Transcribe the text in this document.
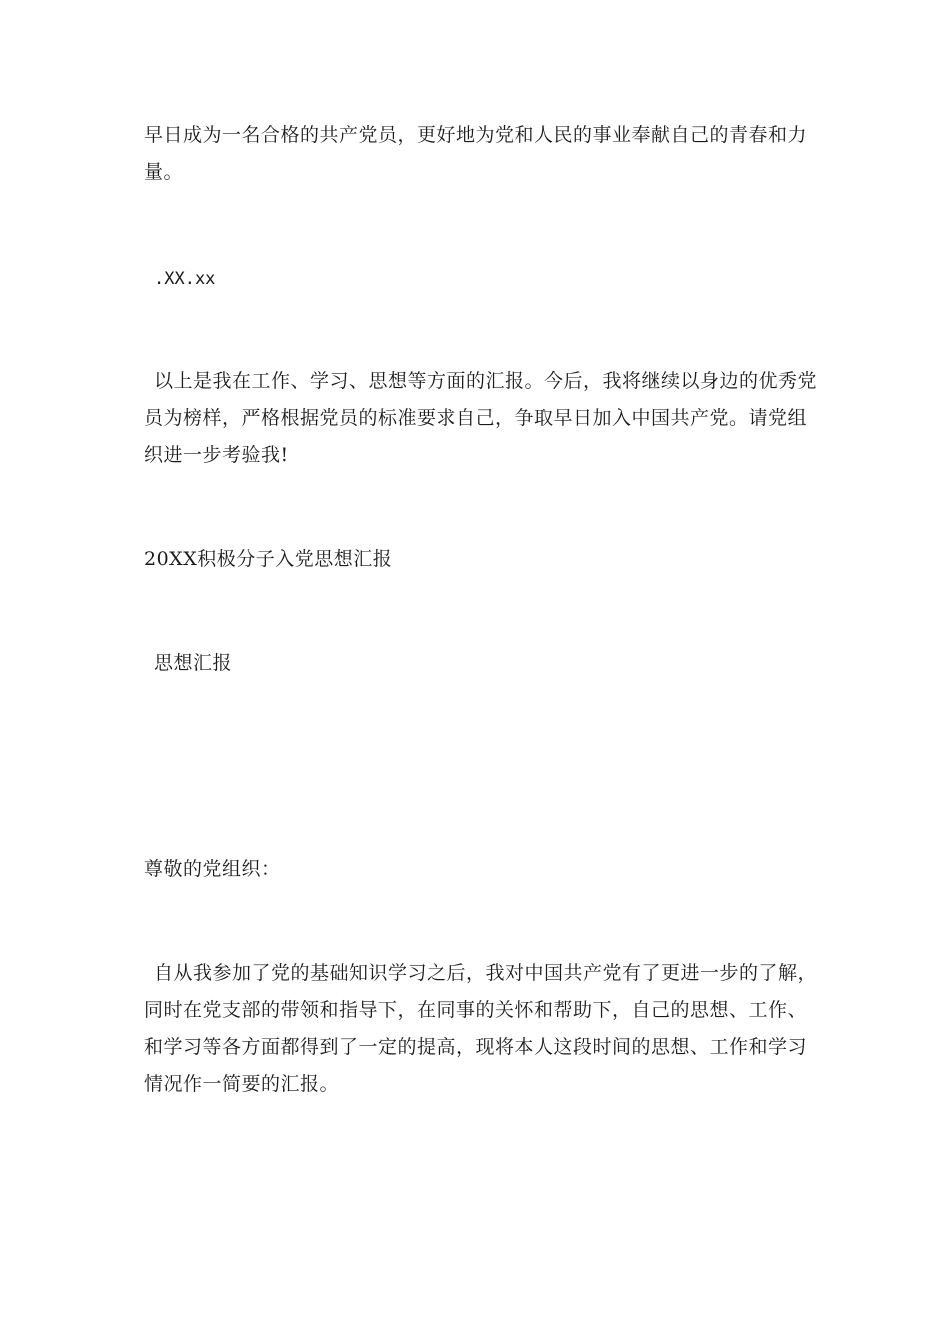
早日成为一名合格的共产党员，更好地为党和人民的事业奉献自己的青春和力
量。

.XX.xx

以上是我在工作、学习、思想等方面的汇报。今后，我将继续以身边的优秀党
员为榜样，严格根据党员的标准要求自己，争取早日加入中国共产党。请党组
织进一步考验我!

20XX积极分子入党思想汇报

思想汇报

尊敬的党组织：

自从我参加了党的基础知识学习之后，我对中国共产党有了更进一步的了解，
同时在党支部的带领和指导下，在同事的关怀和帮助下，自己的思想、工作、
和学习等各方面都得到了一定的提高，现将本人这段时间的思想、工作和学习
情况作一简要的汇报。
